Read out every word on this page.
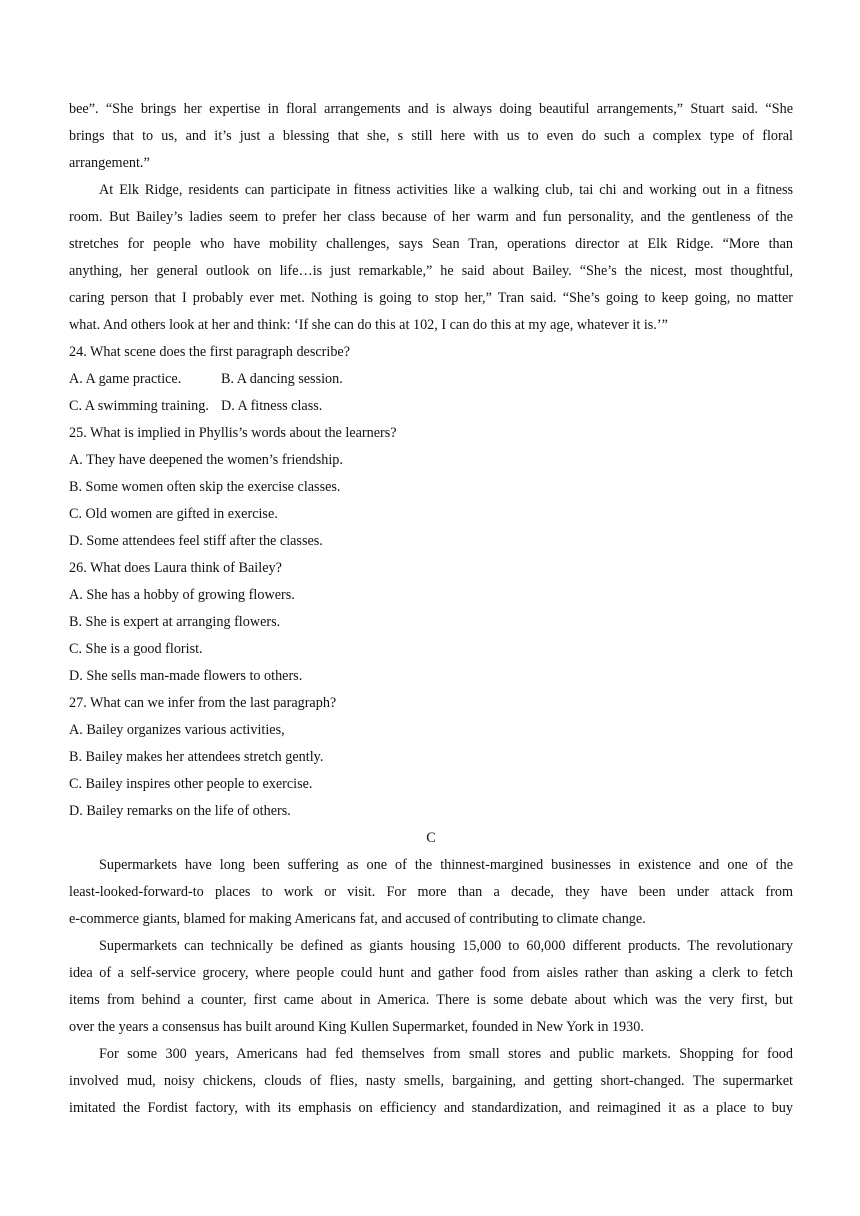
bee”. “She brings her expertise in floral arrangements and is always doing beautiful arrangements,” Stuart said. “She
brings that to us, and it’s just a blessing that she, s still here with us to even do such a complex type of floral
arrangement.”
At Elk Ridge, residents can participate in fitness activities like a walking club, tai chi and working out in a fitness
room. But Bailey’s ladies seem to prefer her class because of her warm and fun personality, and the gentleness of the
stretches for people who have mobility challenges, says Sean Tran, operations director at Elk Ridge. “More than
anything, her general outlook on life…is just remarkable,” he said about Bailey. “She’s the nicest, most thoughtful,
caring person that I probably ever met. Nothing is going to stop her,” Tran said. “She’s going to keep going, no matter
what. And others look at her and think: ‘If she can do this at 102, I can do this at my age, whatever it is.’”
24. What scene does the first paragraph describe?
A. A game practice.	B. A dancing session.
C. A swimming training. D. A fitness class.
25. What is implied in Phyllis’s words about the learners?
A. They have deepened the women’s friendship.
B. Some women often skip the exercise classes.
C. Old women are gifted in exercise.
D. Some attendees feel stiff after the classes.
26. What does Laura think of Bailey?
A. She has a hobby of growing flowers.
B. She is expert at arranging flowers.
C. She is a good florist.
D. She sells man-made flowers to others.
27. What can we infer from the last paragraph?
A. Bailey organizes various activities,
B. Bailey makes her attendees stretch gently.
C. Bailey inspires other people to exercise.
D. Bailey remarks on the life of others.
C
Supermarkets have long been suffering as one of the thinnest-margined businesses in existence and one of the
least-looked-forward-to places to work or visit. For more than a decade, they have been under attack from
e-commerce giants, blamed for making Americans fat, and accused of contributing to climate change.
Supermarkets can technically be defined as giants housing 15,000 to 60,000 different products. The revolutionary
idea of a self-service grocery, where people could hunt and gather food from aisles rather than asking a clerk to fetch
items from behind a counter, first came about in America. There is some debate about which was the very first, but
over the years a consensus has built around King Kullen Supermarket, founded in New York in 1930.
For some 300 years, Americans had fed themselves from small stores and public markets. Shopping for food
involved mud, noisy chickens, clouds of flies, nasty smells, bargaining, and getting short-changed. The supermarket
imitated the Fordist factory, with its emphasis on efficiency and standardization, and reimagined it as a place to buy
